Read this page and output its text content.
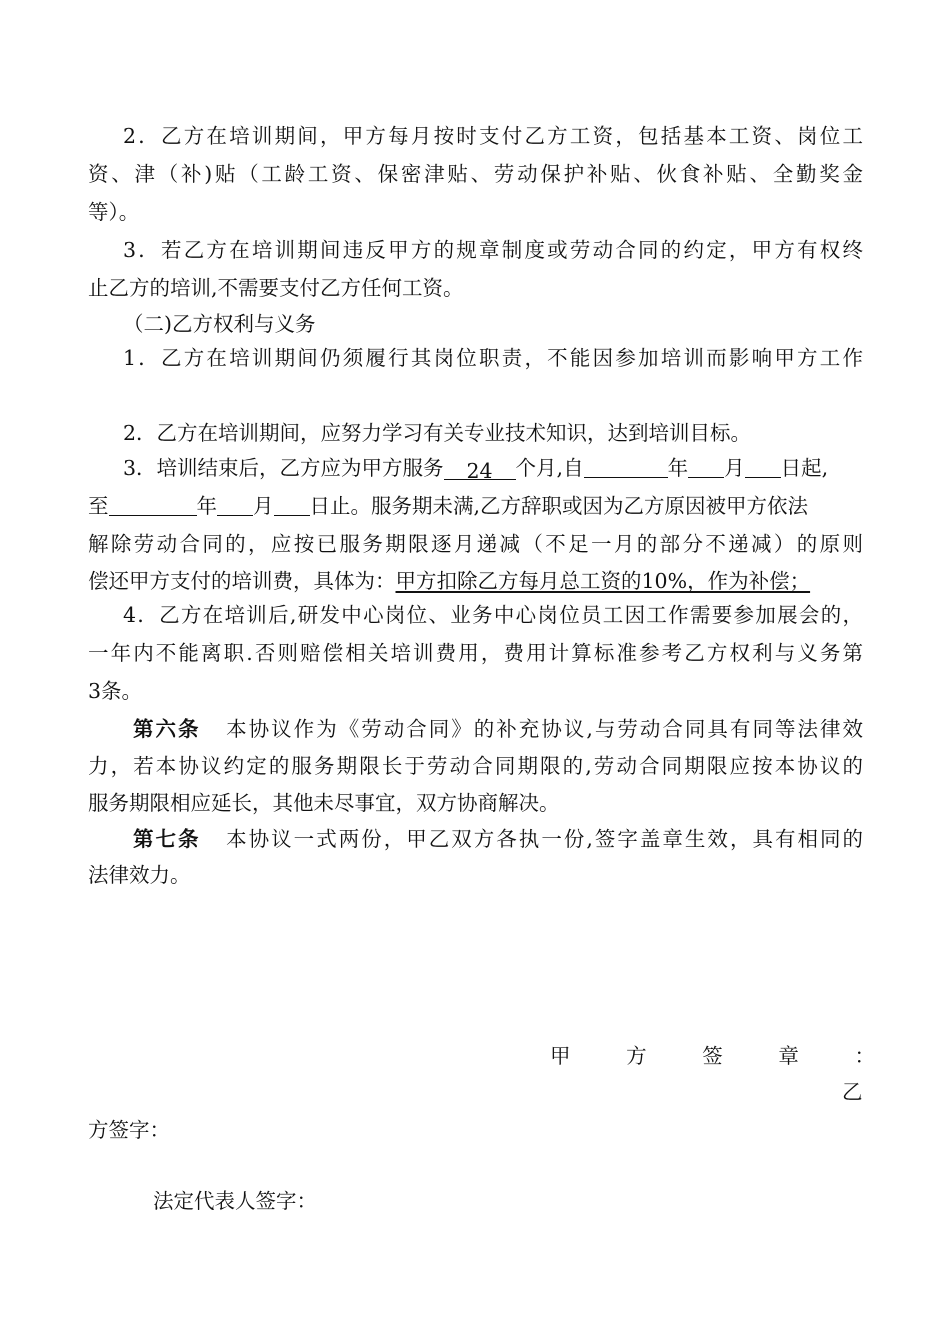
2．乙方在培训期间，甲方每月按时支付乙方工资，包括基本工资、岗位工
资、津（补)贴（工龄工资、保密津贴、劳动保护补贴、伙食补贴、全勤奖金
等）。
3．若乙方在培训期间违反甲方的规章制度或劳动合同的约定，甲方有权终
止乙方的培训,不需要支付乙方任何工资。
（二)乙方权利与义务
1．乙方在培训期间仍须履行其岗位职责，不能因参加培训而影响甲方工作
2．乙方在培训期间，应努力学习有关专业技术知识，达到培训目标。
3．培训结束后，乙方应为甲方服务 24 个月,自	年 月 日起,
至	年 月 日止。服务期未满,乙方辞职或因为乙方原因被甲方依法
解除劳动合同的，应按已服务期限逐月递减（不足一月的部分不递减）的原则
偿还甲方支付的培训费，具体为：甲方扣除乙方每月总工资的10%，作为补偿；
4．乙方在培训后,研发中心岗位、业务中心岗位员工因工作需要参加展会的，
一年内不能离职.否则赔偿相关培训费用，费用计算标准参考乙方权利与义务第
3条。
第六条 本协议作为《劳动合同》的补充协议,与劳动合同具有同等法律效
力，若本协议约定的服务期限长于劳动合同期限的,劳动合同期限应按本协议的
服务期限相应延长，其他未尽事宜，双方协商解决。
第七条 本协议一式两份，甲乙双方各执一份,签字盖章生效，具有相同的
法律效力。
甲	方	签	章	：
乙
方签字：
法定代表人签字：
